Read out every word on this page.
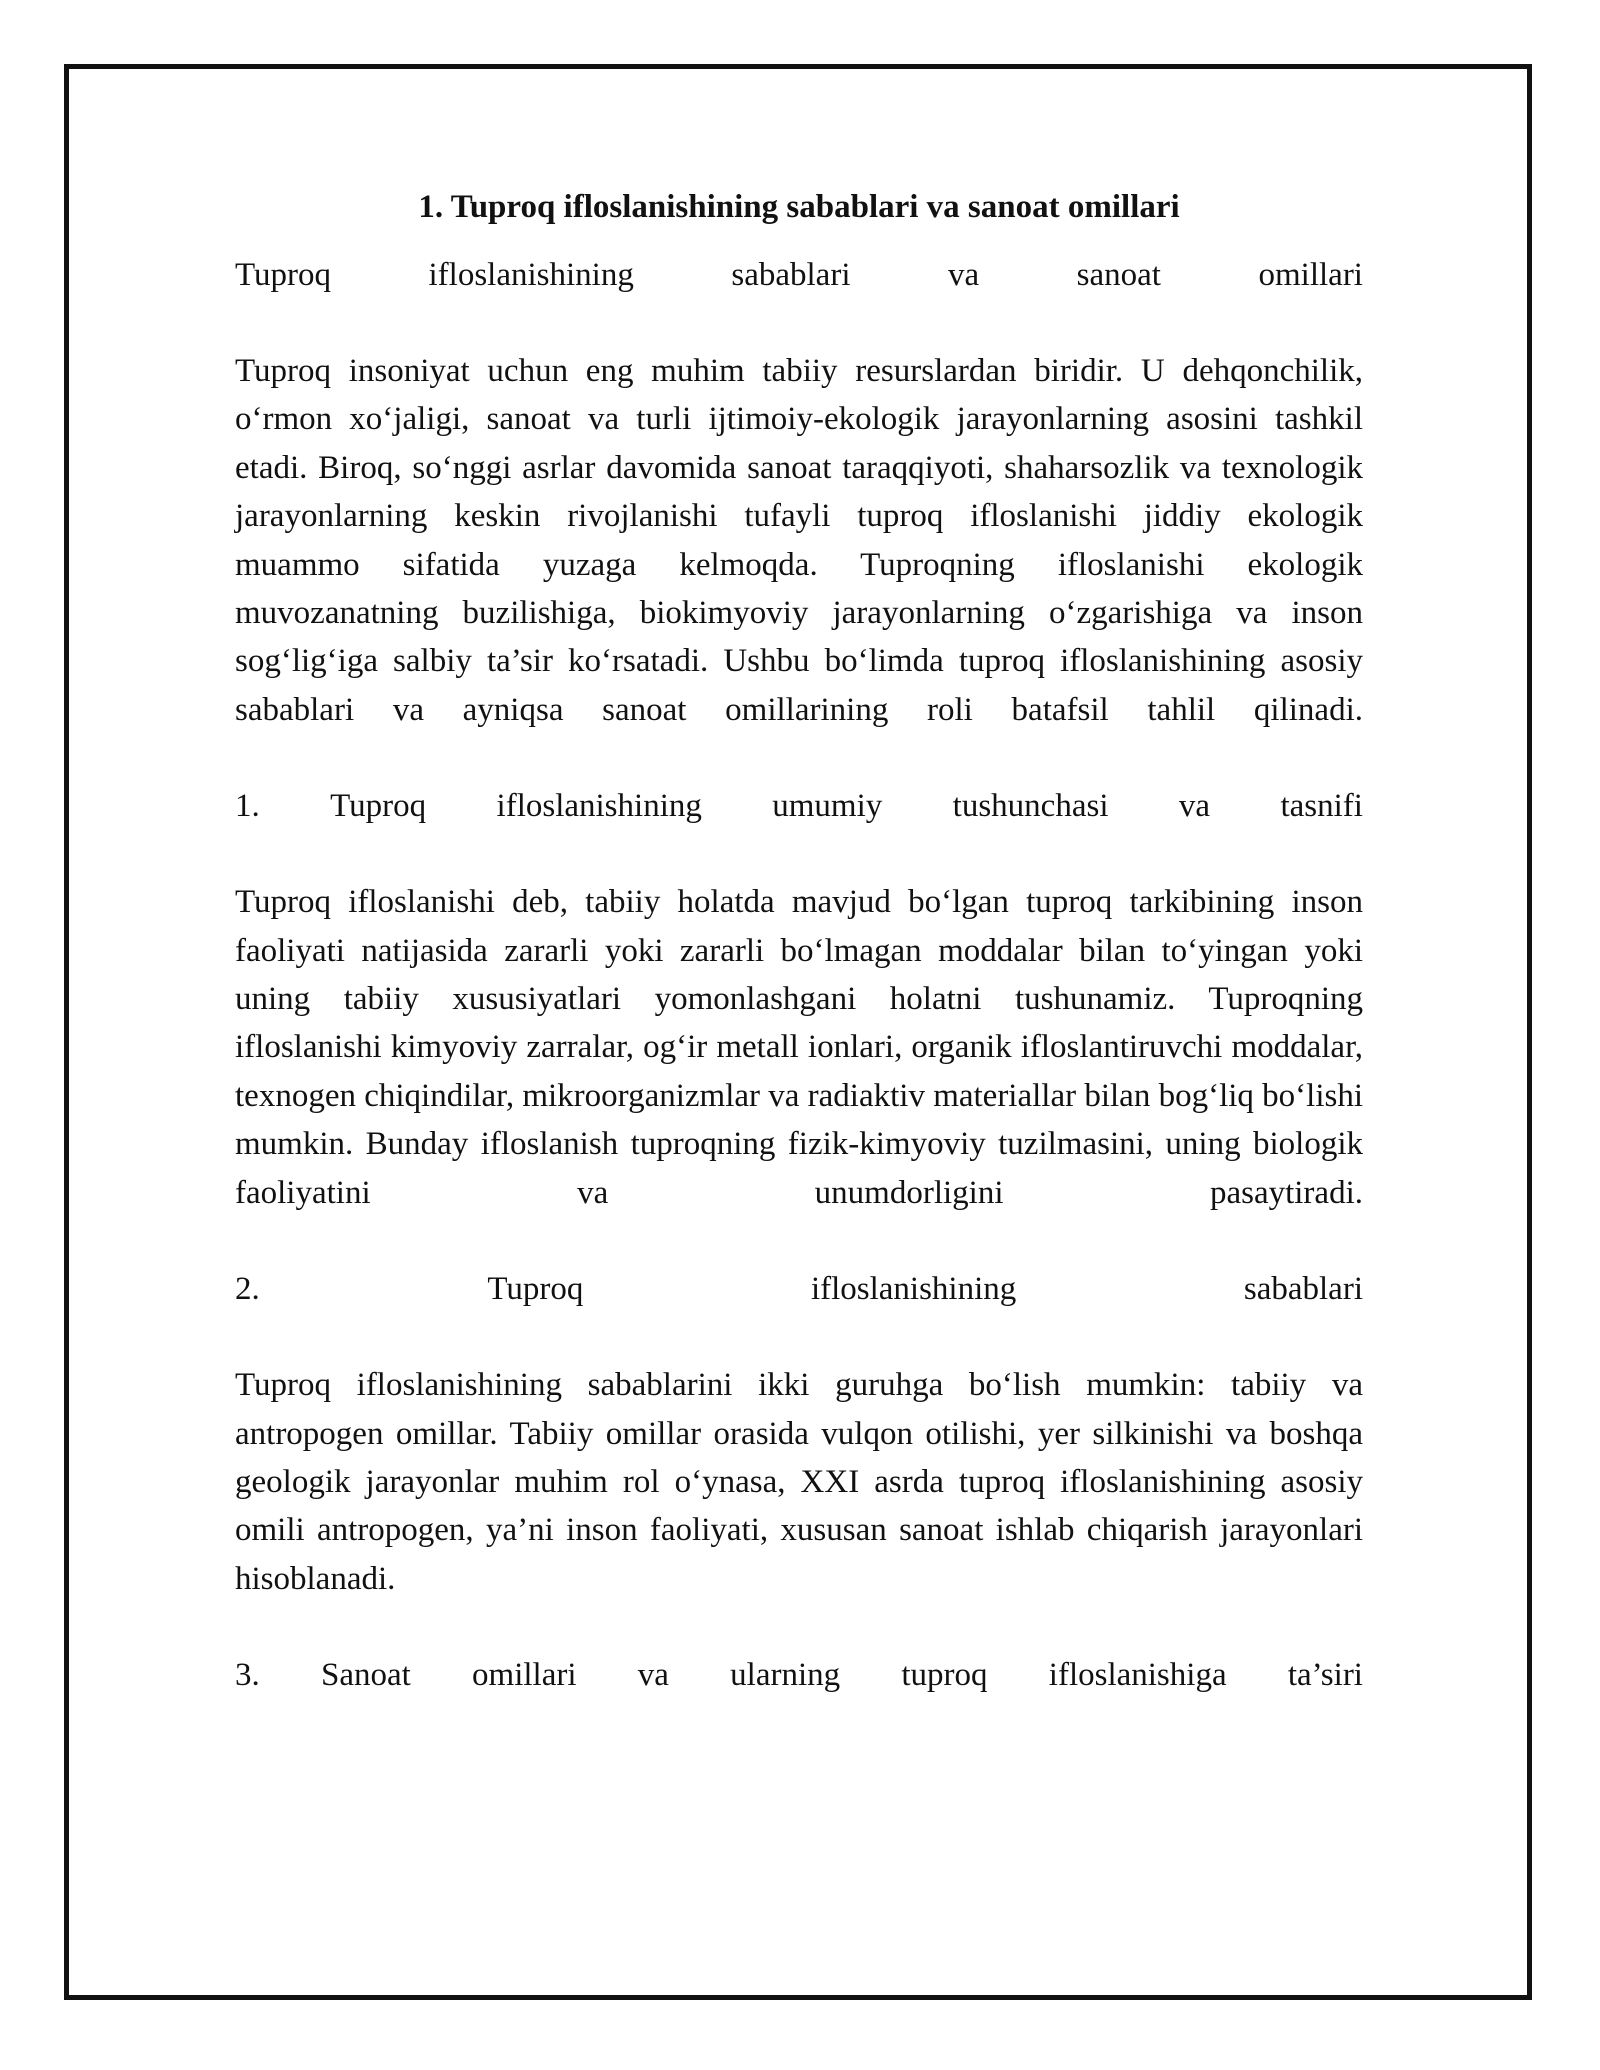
1. Tuproq ifloslanishining sabablari va sanoat omillari
Tuproq	ifloslanishining	sabablari	va	sanoat	omillari

Tuproq insoniyat uchun eng muhim tabiiy resurslardan biridir. U dehqonchilik, o‘rmon xo‘jaligi, sanoat va turli ijtimoiy-ekologik jarayonlarning asosini tashkil etadi. Biroq, so‘nggi asrlar davomida sanoat taraqqiyoti, shaharsozlik va texnologik jarayonlarning keskin rivojlanishi tufayli tuproq ifloslanishi jiddiy ekologik muammo sifatida yuzaga kelmoqda. Tuproqning ifloslanishi ekologik muvozanatning buzilishiga, biokimyoviy jarayonlarning o‘zgarishiga va inson sog‘lig‘iga salbiy ta’sir ko‘rsatadi. Ushbu bo‘limda tuproq ifloslanishining asosiy sabablari va ayniqsa sanoat omillarining roli batafsil tahlil qilinadi.

1. Tuproq ifloslanishining umumiy tushunchasi va tasnifi

Tuproq ifloslanishi deb, tabiiy holatda mavjud bo‘lgan tuproq tarkibining inson faoliyati natijasida zararli yoki zararli bo‘lmagan moddalar bilan to‘yingan yoki uning tabiiy xususiyatlari yomonlashgani holatni tushunamiz. Tuproqning ifloslanishi kimyoviy zarralar, og‘ir metall ionlari, organik ifloslantiruvchi moddalar, texnogen chiqindilar, mikroorganizmlar va radiaktiv materiallar bilan bog‘liq bo‘lishi mumkin. Bunday ifloslanish tuproqning fizik-kimyoviy tuzilmasini, uning biologik faoliyatini va unumdorligini pasaytiradi.

2.	Tuproq	ifloslanishining	sabablari

Tuproq ifloslanishining sabablarini ikki guruhga bo‘lish mumkin: tabiiy va antropogen omillar. Tabiiy omillar orasida vulqon otilishi, yer silkinishi va boshqa geologik jarayonlar muhim rol o‘ynasa, XXI asrda tuproq ifloslanishining asosiy omili antropogen, ya’ni inson faoliyati, xususan sanoat ishlab chiqarish jarayonlari hisoblanadi.

3. Sanoat omillari va ularning tuproq ifloslanishiga ta’siri
